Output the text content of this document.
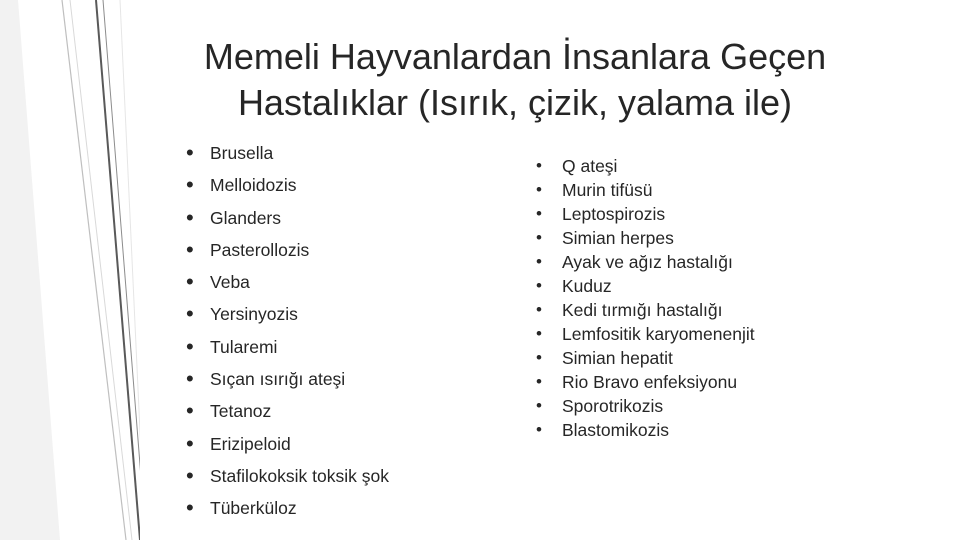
Memeli Hayvanlardan İnsanlara Geçen
Hastalıklar (Isırık, çizik, yalama ile)
• Brusella
• Melloidozis
• Glanders
• Pasterollozis
• Veba
• Yersinyozis
• Tularemi
• Sıçan ısırığı ateşi
• Tetanoz
• Erizipeloid
• Stafilokoksik toksik şok
• Tüberküloz
• Q ateşi
• Murin tifüsü
• Leptospirozis
• Simian herpes
• Ayak ve ağız hastalığı
• Kuduz
• Kedi tırmığı hastalığı
• Lemfositik karyomenenjit
• Simian hepatit
• Rio Bravo enfeksiyonu
• Sporotrikozis
• Blastomikozis
